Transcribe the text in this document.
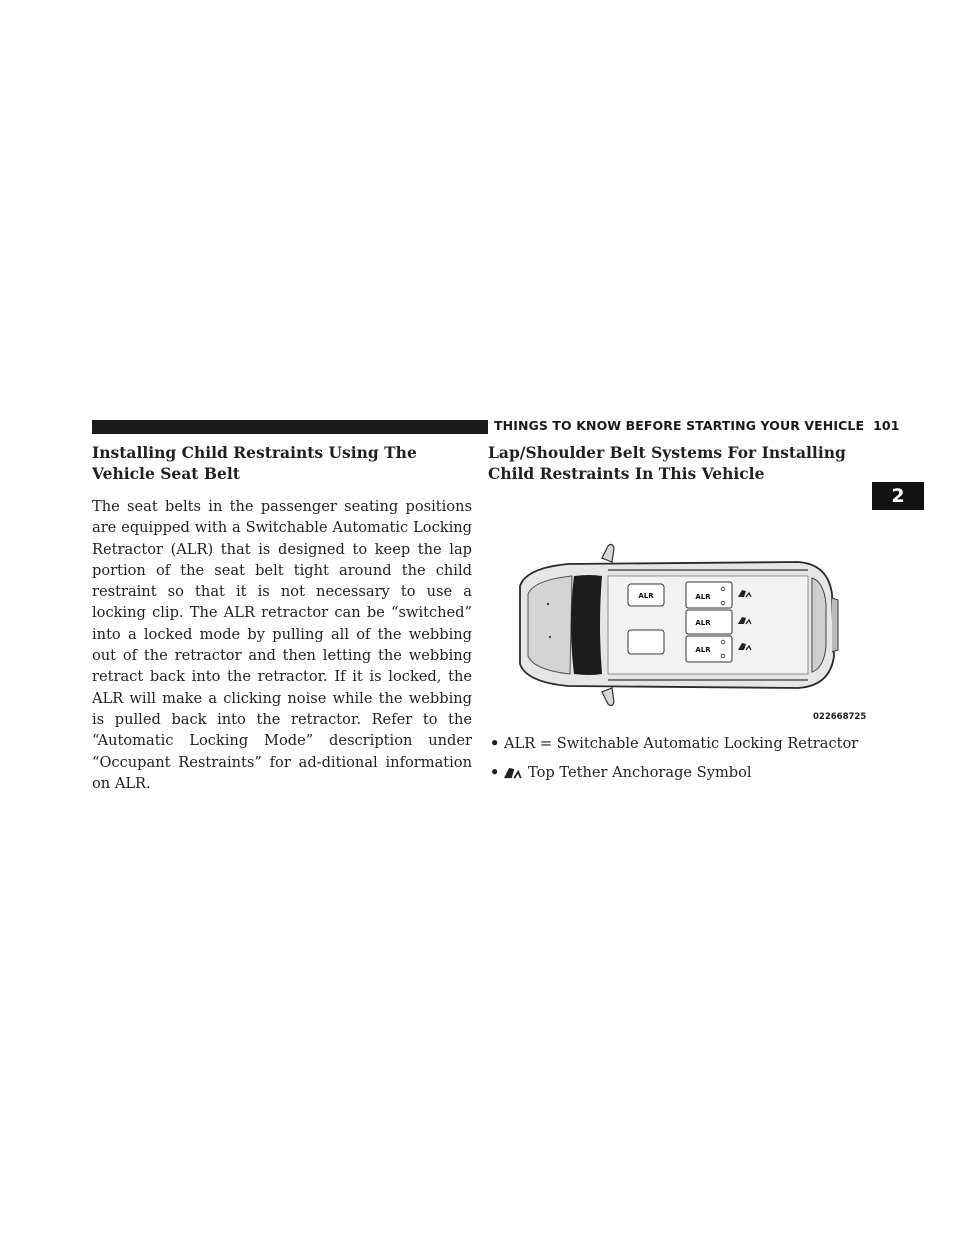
THINGS TO KNOW BEFORE STARTING YOUR VEHICLE 101
2
Installing Child Restraints Using The Vehicle Seat Belt

The seat belts in the passenger seating positions are equipped with a Switchable Automatic Locking Retractor (ALR) that is designed to keep the lap portion of the seat belt tight around the child restraint so that it is not necessary to use a locking clip. The ALR retractor can be “switched” into a locked mode by pulling all of the webbing out of the retractor and then letting the webbing retract back into the retractor. If it is locked, the ALR will make a clicking noise while the webbing is pulled back into the retractor. Refer to the “Automatic Locking Mode” description under “Occupant Restraints” for ad-ditional information on ALR.

Lap/Shoulder Belt Systems For Installing Child Restraints In This Vehicle
ALR	ALR
ALR
ALR
022668725
• ALR = Switchable Automatic Locking Retractor
•	Top Tether Anchorage Symbol
